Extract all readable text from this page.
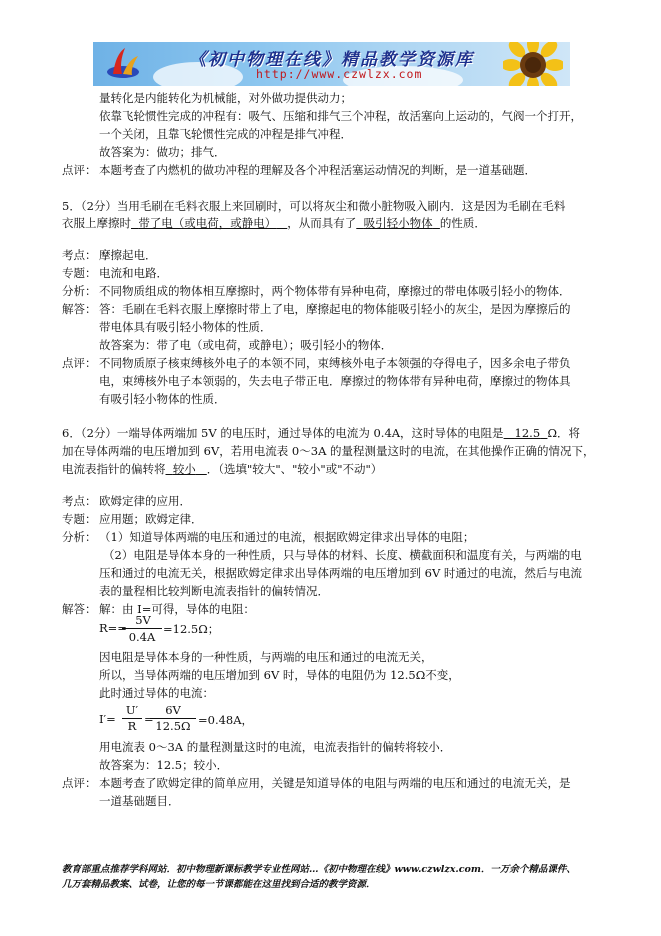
《初中物理在线》精品教学资源库
http://www.czwlzx.com
量转化是内能转化为机械能，对外做功提供动力；
依靠飞轮惯性完成的冲程有：吸气、压缩和排气三个冲程，故活塞向上运动的，气阀一个打开，
一个关闭，且靠飞轮惯性完成的冲程是排气冲程．
故答案为：做功；排气．
点评： 本题考查了内燃机的做功冲程的理解及各个冲程活塞运动情况的判断，是一道基础题．
5．（2分）当用毛刷在毛料衣服上来回刷时，可以将灰尘和微小脏物吸入刷内．这是因为毛刷在毛料
衣服上摩擦时 带了电（或电荷，或静电） ，从而具有了 吸引轻小物体 的性质．
考点： 摩擦起电．
专题： 电流和电路．
分析： 不同物质组成的物体相互摩擦时，两个物体带有异种电荷，摩擦过的带电体吸引轻小的物体．
解答： 答：毛刷在毛料衣服上摩擦时带上了电，摩擦起电的物体能吸引轻小的灰尘，是因为摩擦后的
带电体具有吸引轻小物体的性质．
故答案为：带了电（或电荷，或静电）；吸引轻小的物体．
点评： 不同物质原子核束缚核外电子的本领不同，束缚核外电子本领强的夺得电子，因多余电子带负
电，束缚核外电子本领弱的，失去电子带正电．摩擦过的物体带有异种电荷，摩擦过的物体具
有吸引轻小物体的性质．
6．（2分）一端导体两端加 5V 的电压时，通过导体的电流为 0.4A，这时导体的电阻是 12.5 Ω．将
加在导体两端的电压增加到 6V，若用电流表 0～3A 的量程测量这时的电流，在其他操作正确的情况下，
电流表指针的偏转将 较小 ．（选填"较大"、"较小"或"不动"）
考点： 欧姆定律的应用．
专题： 应用题；欧姆定律．
分析： （1）知道导体两端的电压和通过的电流，根据欧姆定律求出导体的电阻；
（2）电阻是导体本身的一种性质，只与导体的材料、长度、横截面积和温度有关，与两端的电
压和通过的电流无关，根据欧姆定律求出导体两端的电压增加到 6V 时通过的电流，然后与电流
表的量程相比较判断电流表指针的偏转情况．
解答： 解：由 I=可得，导体的电阻：
R==
5V
0.4A
=12.5Ω；
因电阻是导体本身的一种性质，与两端的电压和通过的电流无关，
所以，当导体两端的电压增加到 6V 时，导体的电阻仍为 12.5Ω不变，
此时通过导体的电流：
I′=
U′
R =
6V
12.5Ω =0.48A，
用电流表 0～3A 的量程测量这时的电流，电流表指针的偏转将较小．
故答案为：12.5；较小．
点评： 本题考查了欧姆定律的简单应用，关键是知道导体的电阻与两端的电压和通过的电流无关，是
一道基础题目．
教育部重点推荐学科网站．初中物理新课标教学专业性网站…《初中物理在线》www.czwlzx.com．一万余个精品课件、
几万套精品教案、试卷，让您的每一节课都能在这里找到合适的教学资源．
